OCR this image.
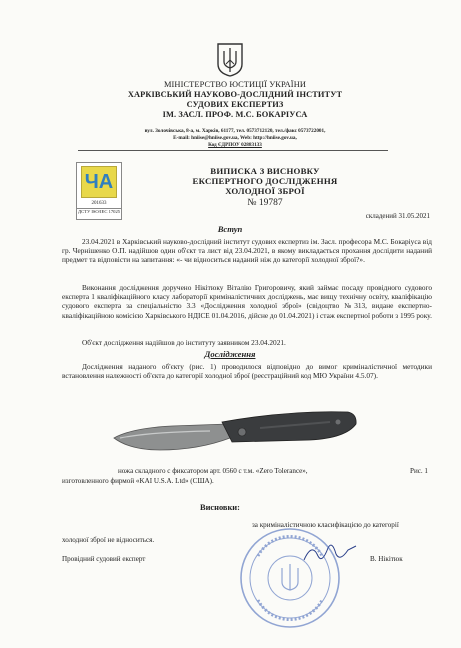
МІНІСТЕРСТВО ЮСТИЦІЇ УКРАЇНИ
ХАРКІВСЬКИЙ НАУКОВО-ДОСЛІДНИЙ ІНСТИТУТ
СУДОВИХ ЕКСПЕРТИЗ
ІМ. ЗАСЛ. ПРОФ. М.С. БОКАРІУСА
вул. Золочівська, 8-а, м. Харків, 61177, тел. 0573712120, тел./факс 0573722001,
E-mail: hniise@hniise.gov.ua, Web: http://hniise.gov.ua,
Код ЄДРПОУ 02883133
ЧА
201633
ДСТУ ISO/IEC 17025
ВИПИСКА З ВИСНОВКУ
ЕКСПЕРТНОГО ДОСЛІДЖЕННЯ
ХОЛОДНОЇ ЗБРОЇ
№ 19787
складений 31.05.2021
Вступ
23.04.2021 в Харківський науково-дослідний інститут судових експертиз ім. Засл. професора М.С. Бокаріуса від гр. Чернішенко О.П. надійшов один об'єкт та лист від 23.04.2021, в якому викладається прохання дослідити наданий предмет та відповісти на запитання: «- чи відноситься наданий ніж до категорії холодної зброї?».
Виконання дослідження доручено Нікітюку Віталію Григоровичу, який займає посаду провідного судового експерта 1 кваліфікаційного класу лабораторії криміналістичних досліджень, має вищу технічну освіту, кваліфікацію судового експерта за спеціальністю 3.3 «Дослідження холодної зброї» (свідоцтво №313, видане експертно-кваліфікаційною комісією Харківського НДІСЕ 01.04.2016, дійсне до 01.04.2021) і стаж експертної роботи з 1995 року.
Об'єкт дослідження надійшов до інституту заявником 23.04.2021.
Дослідження
Дослідження наданого об'єкту (рис. 1) проводилося відповідно до вимог криміналістичної методики встановлення належності об'єкта до категорії холодної зброї (реєстраційний код МЮ України 4.5.07).
ножа складного с фиксатором арт. 0560 с т.м. «Zero Tolerance»,	Рис. 1
изготовленного фирмой «KAI U.S.A. Ltd» (США).
Висновки:
за криміналістичною класифікацією до категорії
холодної зброї не відноситься.
Провідний судовий експерт	В. Нікітюк
